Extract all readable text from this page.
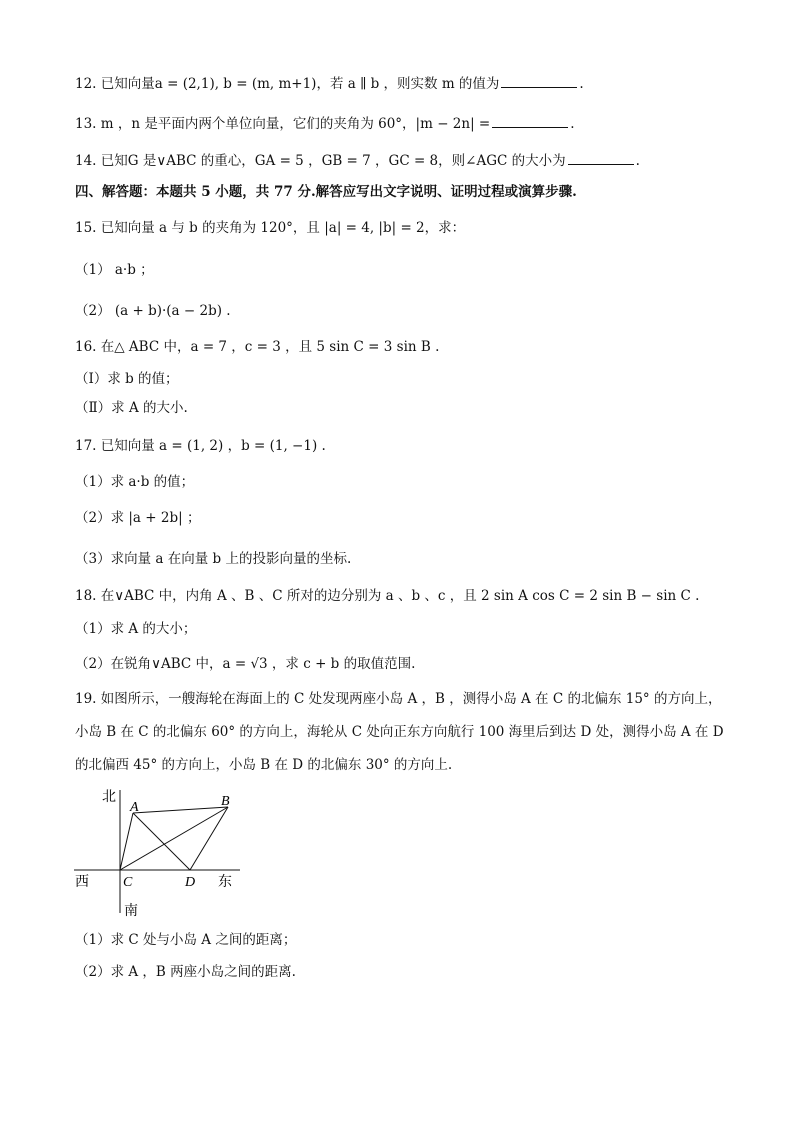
12. 已知向量a = (2,1), b = (m, m+1)，若 a ∥ b ，则实数 m 的值为	.
13. m ，n 是平面内两个单位向量，它们的夹角为 60°，|m − 2n| =	.
14. 已知G 是∨ABC 的重心，GA = 5 ，GB = 7 ，GC = 8，则∠AGC 的大小为	.
四、解答题：本题共 5 小题，共 77 分.解答应写出文字说明、证明过程或演算步骤.
15. 已知向量 a 与 b 的夹角为 120°，且 |a| = 4, |b| = 2，求：
（1） a·b ；
（2） (a + b)·(a − 2b) .
16. 在△ ABC 中，a = 7 ，c = 3 ，且 5 sin C = 3 sin B .
（Ⅰ）求 b 的值；
（Ⅱ）求 A 的大小.
17. 已知向量 a = (1, 2) ，b = (1, −1) .
（1）求 a·b 的值；
（2）求 |a + 2b| ；
（3）求向量 a 在向量 b 上的投影向量的坐标.
18. 在∨ABC 中，内角 A 、B 、C 所对的边分别为 a 、b 、c ，且 2 sin A cos C = 2 sin B − sin C .
（1）求 A 的大小；
（2）在锐角∨ABC 中，a = √3 ，求 c + b 的取值范围.
19. 如图所示，一艘海轮在海面上的 C 处发现两座小岛 A ，B ，测得小岛 A 在 C 的北偏东 15° 的方向上，
小岛 B 在 C 的北偏东 60° 的方向上，海轮从 C 处向正东方向航行 100 海里后到达 D 处，测得小岛 A 在 D
的北偏西 45° 的方向上，小岛 B 在 D 的北偏东 30° 的方向上.
北
南
西	东
A	B
C	D
（1）求 C 处与小岛 A 之间的距离；
（2）求 A ，B 两座小岛之间的距离.
